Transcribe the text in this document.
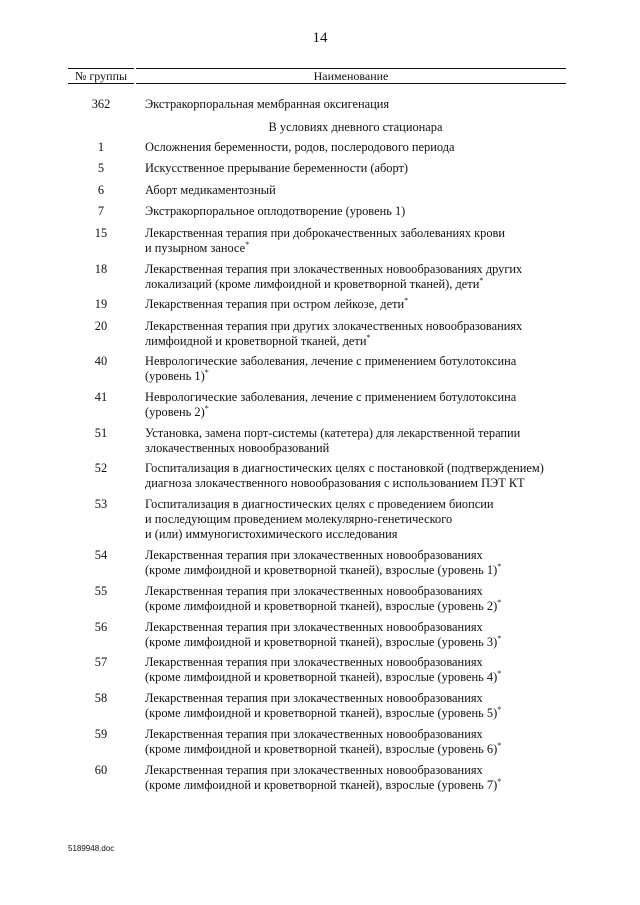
14
№ группы	Наименование
362	Экстракорпоральная мембранная оксигенация
В условиях дневного стационара
1	Осложнения беременности, родов, послеродового периода
5	Искусственное прерывание беременности (аборт)
6	Аборт медикаментозный
7	Экстракорпоральное оплодотворение (уровень 1)
15	Лекарственная терапия при доброкачественных заболеваниях крови
и пузырном заносе*
18	Лекарственная терапия при злокачественных новообразованиях других
локализаций (кроме лимфоидной и кроветворной тканей), дети*
19	Лекарственная терапия при остром лейкозе, дети*
20	Лекарственная терапия при других злокачественных новообразованиях
лимфоидной и кроветворной тканей, дети*
40	Неврологические заболевания, лечение с применением ботулотоксина
(уровень 1)*
41	Неврологические заболевания, лечение с применением ботулотоксина
(уровень 2)*
51	Установка, замена порт-системы (катетера) для лекарственной терапии
злокачественных новообразований
52	Госпитализация в диагностических целях с постановкой (подтверждением)
диагноза злокачественного новообразования с использованием ПЭТ КТ
53	Госпитализация в диагностических целях с проведением биопсии
и последующим проведением молекулярно-генетического
и (или) иммуногистохимического исследования
54	Лекарственная терапия при злокачественных новообразованиях
(кроме лимфоидной и кроветворной тканей), взрослые (уровень 1)*
55	Лекарственная терапия при злокачественных новообразованиях
(кроме лимфоидной и кроветворной тканей), взрослые (уровень 2)*
56	Лекарственная терапия при злокачественных новообразованиях
(кроме лимфоидной и кроветворной тканей), взрослые (уровень 3)*
57	Лекарственная терапия при злокачественных новообразованиях
(кроме лимфоидной и кроветворной тканей), взрослые (уровень 4)*
58	Лекарственная терапия при злокачественных новообразованиях
(кроме лимфоидной и кроветворной тканей), взрослые (уровень 5)*
59	Лекарственная терапия при злокачественных новообразованиях
(кроме лимфоидной и кроветворной тканей), взрослые (уровень 6)*
60	Лекарственная терапия при злокачественных новообразованиях
(кроме лимфоидной и кроветворной тканей), взрослые (уровень 7)*
5189948.doc
